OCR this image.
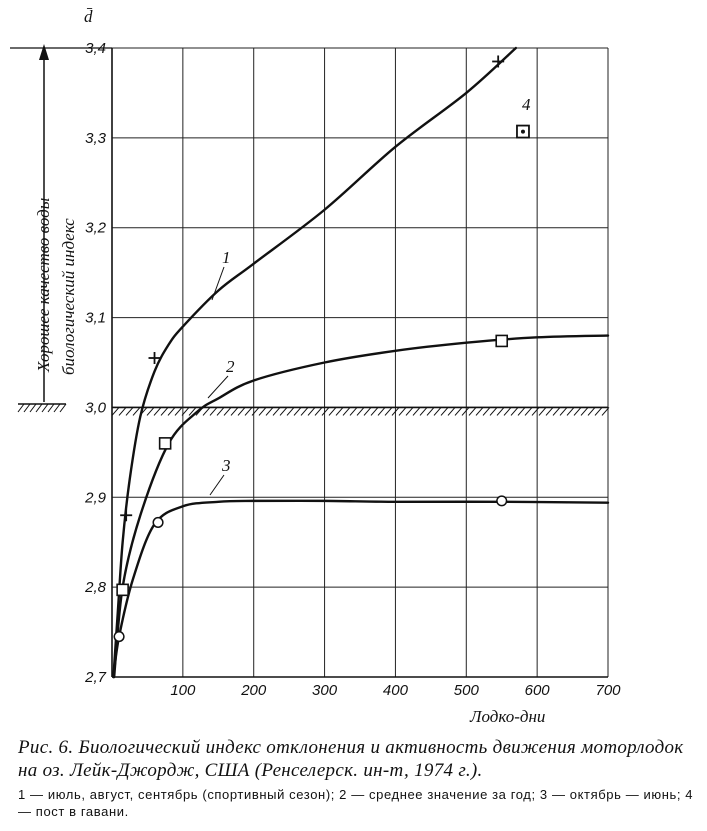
2,7
2,8
2,9
3,0
3,1
3,2
3,3
3,4
100	200	300	400	500	600	700
1
2
3
4
d̄
Лодко-дни
Хорошее качество воды биологический индекс
Рис. 6. Биологический индекс отклонения и активность движения моторлодок на оз. Лейк-Джордж, США (Ренселерск. ин-т, 1974 г.).
1 — июль, август, сентябрь (спортивный сезон); 2 — среднее значение за год; 3 — октябрь — июнь; 4 — пост в гавани.
